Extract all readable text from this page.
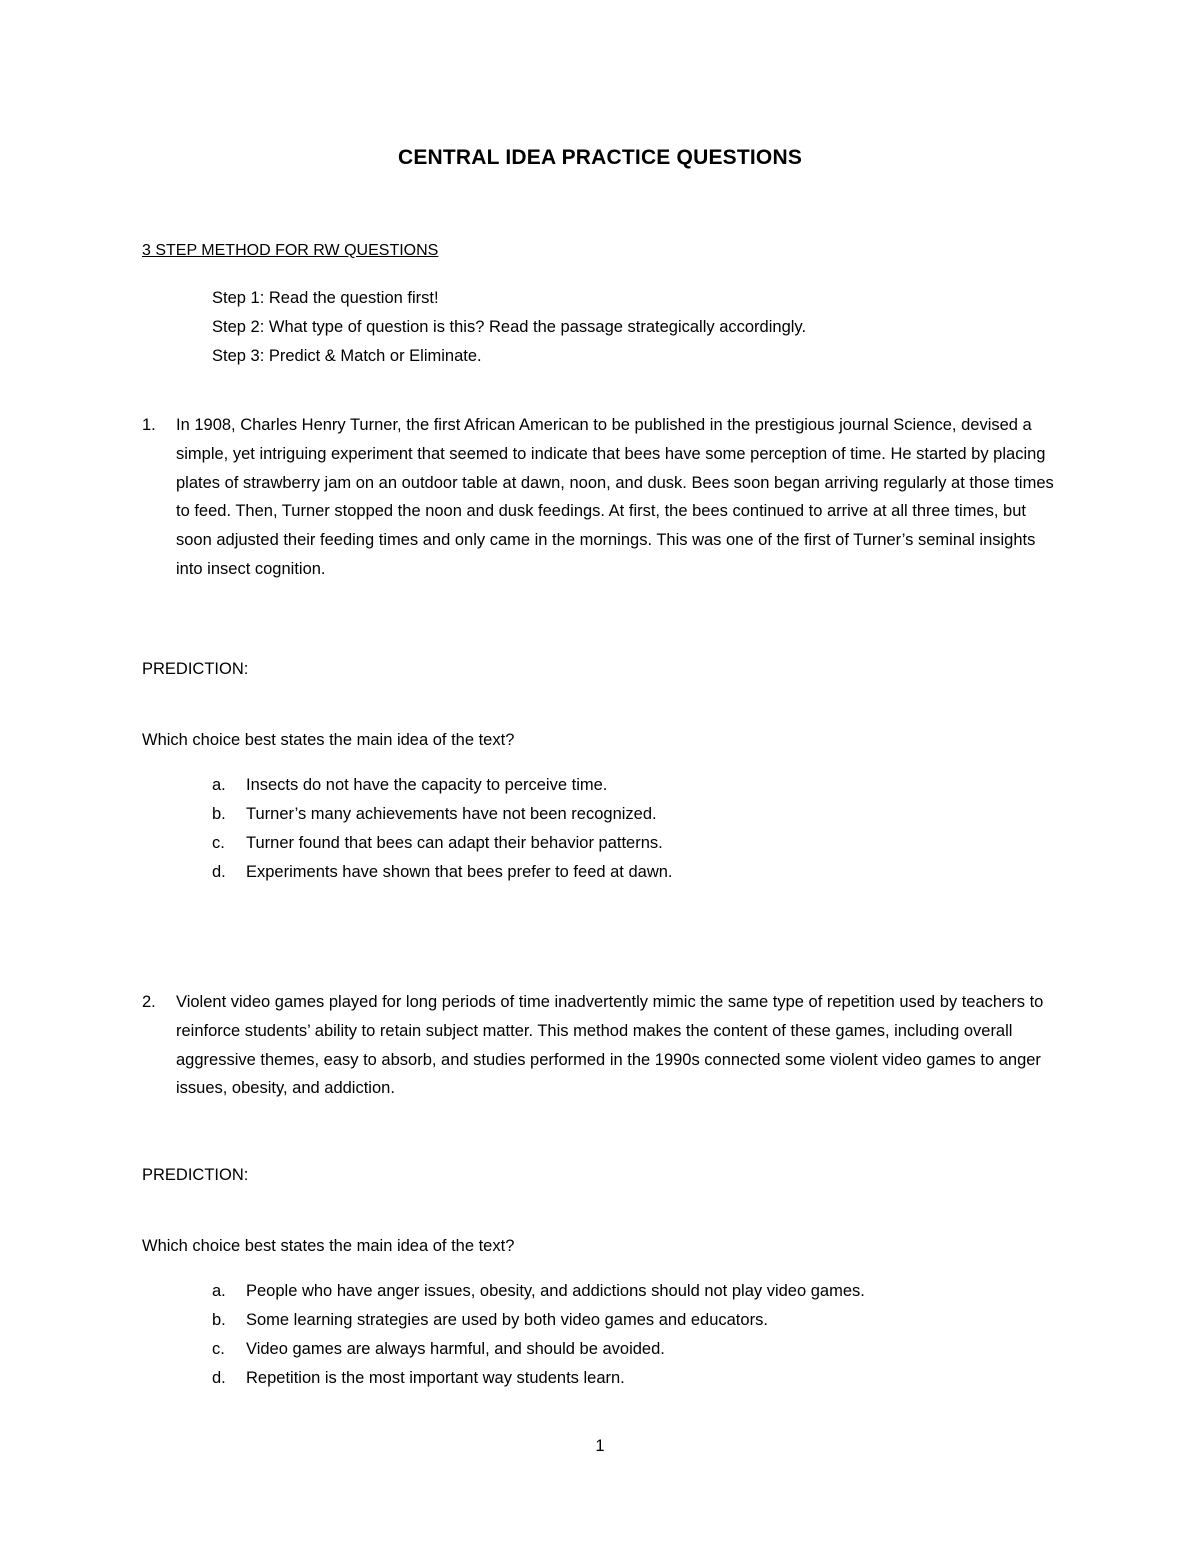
CENTRAL IDEA PRACTICE QUESTIONS
3 STEP METHOD FOR RW QUESTIONS
Step 1: Read the question first!
Step 2: What type of question is this? Read the passage strategically accordingly.
Step 3: Predict & Match or Eliminate.
1. In 1908, Charles Henry Turner, the first African American to be published in the prestigious journal Science, devised a simple, yet intriguing experiment that seemed to indicate that bees have some perception of time. He started by placing plates of strawberry jam on an outdoor table at dawn, noon, and dusk. Bees soon began arriving regularly at those times to feed. Then, Turner stopped the noon and dusk feedings. At first, the bees continued to arrive at all three times, but soon adjusted their feeding times and only came in the mornings. This was one of the first of Turner’s seminal insights into insect cognition.
PREDICTION:
Which choice best states the main idea of the text?
a. Insects do not have the capacity to perceive time.
b. Turner’s many achievements have not been recognized.
c. Turner found that bees can adapt their behavior patterns.
d. Experiments have shown that bees prefer to feed at dawn.
2. Violent video games played for long periods of time inadvertently mimic the same type of repetition used by teachers to reinforce students’ ability to retain subject matter. This method makes the content of these games, including overall aggressive themes, easy to absorb, and studies performed in the 1990s connected some violent video games to anger issues, obesity, and addiction.
PREDICTION:
Which choice best states the main idea of the text?
a. People who have anger issues, obesity, and addictions should not play video games.
b. Some learning strategies are used by both video games and educators.
c. Video games are always harmful, and should be avoided.
d. Repetition is the most important way students learn.
1
